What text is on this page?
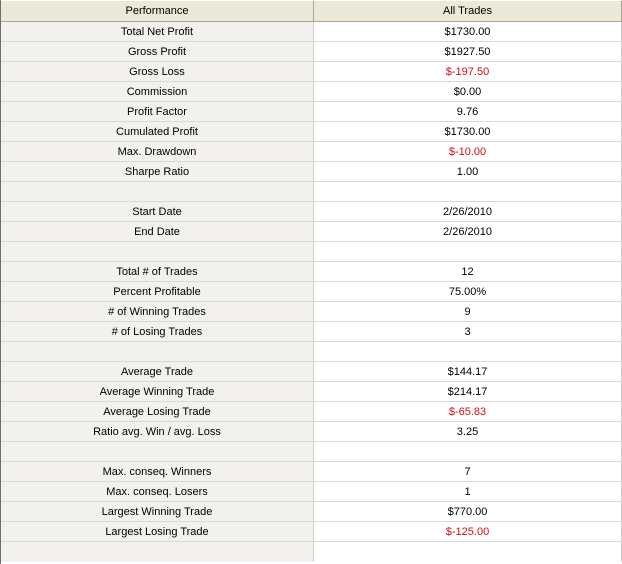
Performance	All Trades
Total Net Profit	$1730.00
Gross Profit	$1927.50
Gross Loss	$-197.50
Commission	$0.00
Profit Factor	9.76
Cumulated Profit	$1730.00
Max. Drawdown	$-10.00
Sharpe Ratio	1.00
Start Date	2/26/2010
End Date	2/26/2010
Total # of Trades	12
Percent Profitable	75.00%
# of Winning Trades	9
# of Losing Trades	3
Average Trade	$144.17
Average Winning Trade	$214.17
Average Losing Trade	$-65.83
Ratio avg. Win / avg. Loss	3.25
Max. conseq. Winners	7
Max. conseq. Losers	1
Largest Winning Trade	$770.00
Largest Losing Trade	$-125.00
